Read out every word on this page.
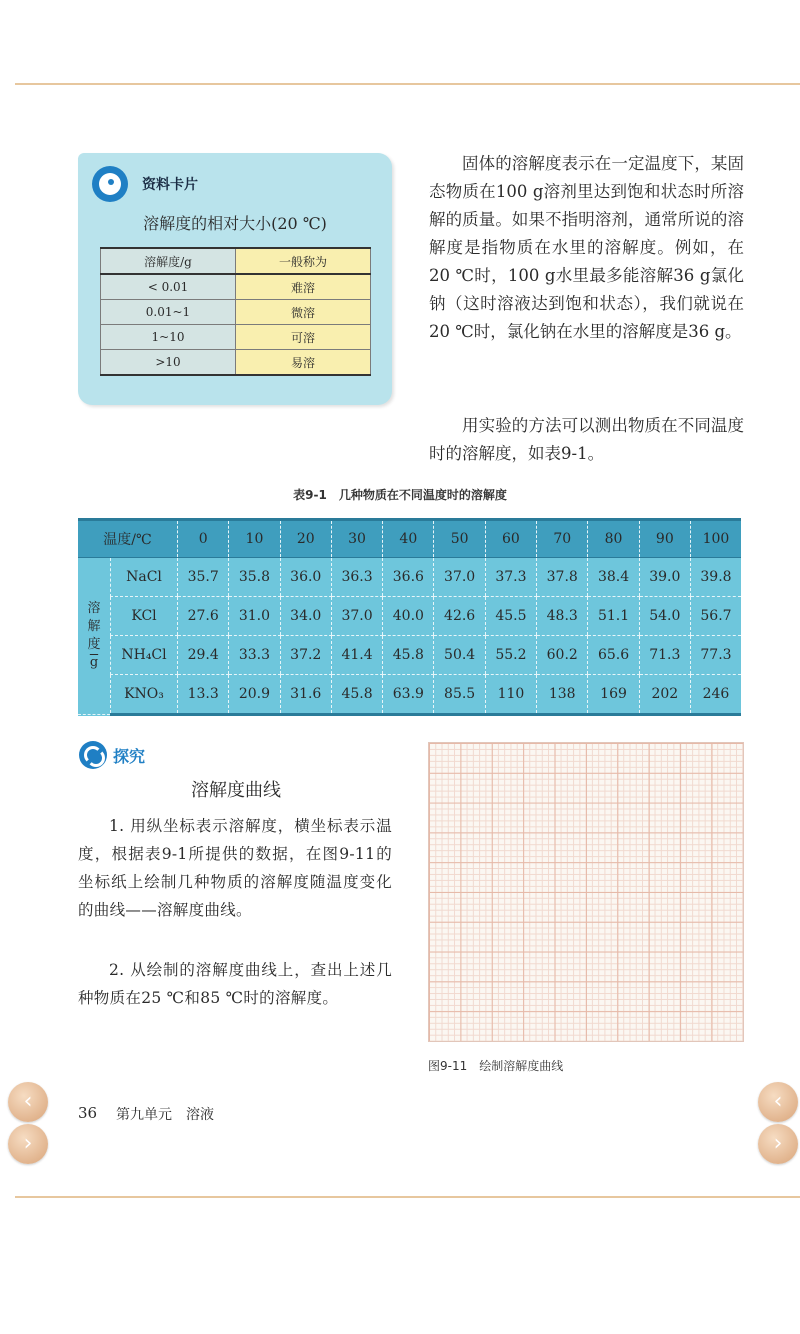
资料卡片
溶解度的相对大小(20 ℃)
溶解度/g	一般称为
< 0.01	难溶
0.01~1	微溶
1~10	可溶
>10	易溶

固体的溶解度表示在一定温度下，某固态物质在100 g溶剂里达到饱和状态时所溶解的质量。如果不指明溶剂，通常所说的溶解度是指物质在水里的溶解度。例如，在20 ℃时，100 g水里最多能溶解36 g氯化钠（这时溶液达到饱和状态），我们就说在20 ℃时，氯化钠在水里的溶解度是36 g。

用实验的方法可以测出物质在不同温度时的溶解度，如表9-1。

表9-1　几种物质在不同温度时的溶解度
温度/℃		0	10	20	30	40	50	60	70	80	90	100
溶
解
度
$\overline{g}$	NaCl	35.7	35.8	36.0	36.3	36.6	37.0	37.3	37.8	38.4	39.0	39.8
	KCl	27.6	31.0	34.0	37.0	40.0	42.6	45.5	48.3	51.1	54.0	56.7
	NH₄Cl	29.4	33.3	37.2	41.4	45.8	50.4	55.2	60.2	65.6	71.3	77.3
	KNO₃	13.3	20.9	31.6	45.8	63.9	85.5	110	138	169	202	246
探究
溶解度曲线

1. 用纵坐标表示溶解度，横坐标表示温度，根据表9-1所提供的数据，在图9-11的坐标纸上绘制几种物质的溶解度随温度变化的曲线——溶解度曲线。

2. 从绘制的溶解度曲线上，查出上述几种物质在25 ℃和85 ℃时的溶解度。

图9-11　绘制溶解度曲线
36 第九单元　溶液
‹
›
‹
›
